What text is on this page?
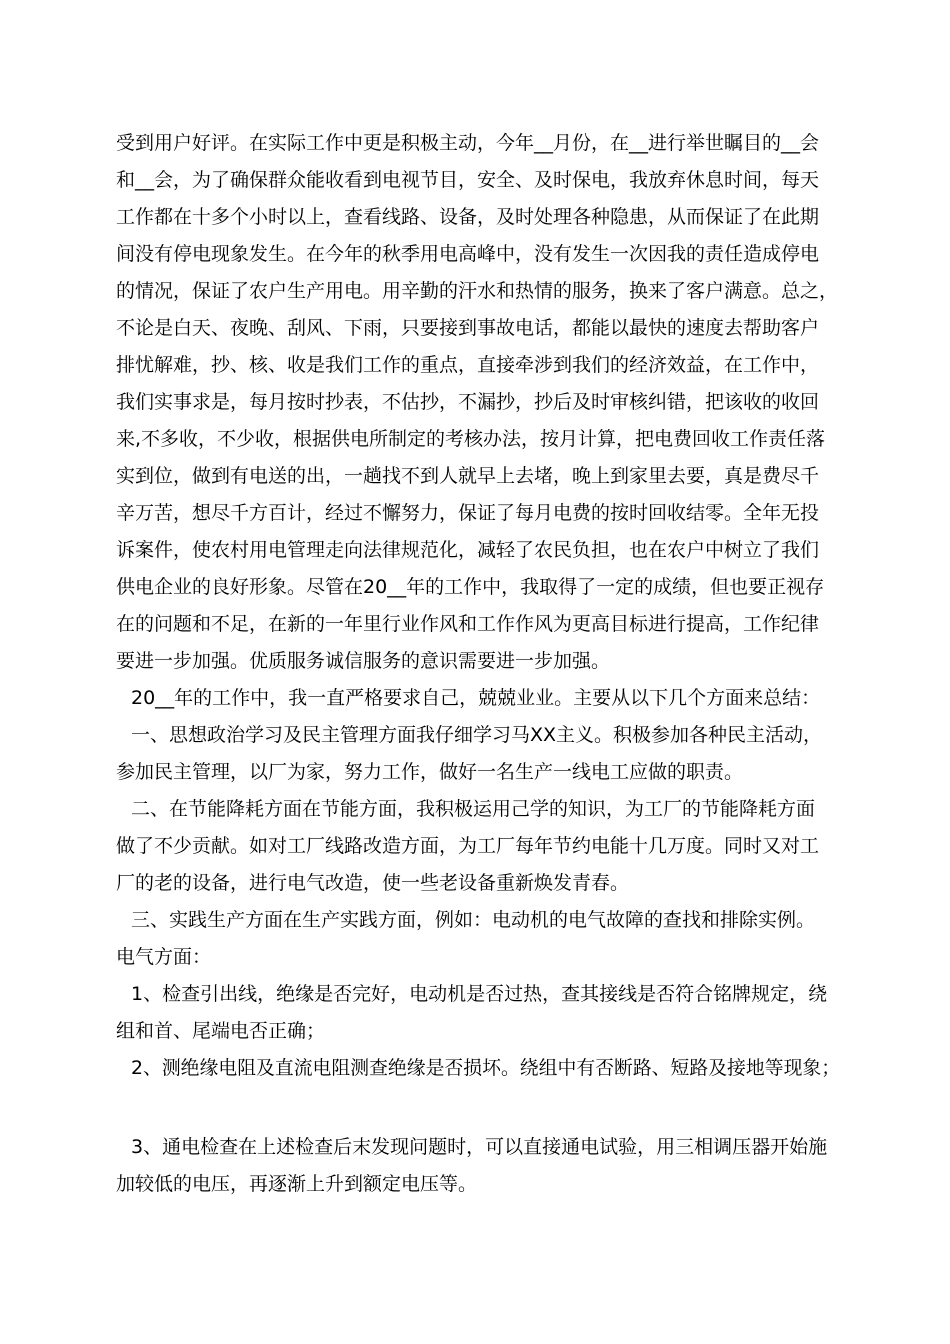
受到用户好评。在实际工作中更是积极主动，今年__月份，在__进行举世瞩目的__会

和__会，为了确保群众能收看到电视节目，安全、及时保电，我放弃休息时间，每天

工作都在十多个小时以上，查看线路、设备，及时处理各种隐患，从而保证了在此期

间没有停电现象发生。在今年的秋季用电高峰中，没有发生一次因我的责任造成停电

的情况，保证了农户生产用电。用辛勤的汗水和热情的服务，换来了客户满意。总之，

不论是白天、夜晚、刮风、下雨，只要接到事故电话，都能以最快的速度去帮助客户

排忧解难，抄、核、收是我们工作的重点，直接牵涉到我们的经济效益，在工作中，

我们实事求是，每月按时抄表，不估抄，不漏抄，抄后及时审核纠错，把该收的收回

来,不多收，不少收，根据供电所制定的考核办法，按月计算，把电费回收工作责任落

实到位，做到有电送的出，一趟找不到人就早上去堵，晚上到家里去要，真是费尽千

辛万苦，想尽千方百计，经过不懈努力，保证了每月电费的按时回收结零。全年无投

诉案件，使农村用电管理走向法律规范化，减轻了农民负担，也在农户中树立了我们

供电企业的良好形象。尽管在20__年的工作中，我取得了一定的成绩，但也要正视存

在的问题和不足，在新的一年里行业作风和工作作风为更高目标进行提高，工作纪律

要进一步加强。优质服务诚信服务的意识需要进一步加强。

20__年的工作中，我一直严格要求自己，兢兢业业。主要从以下几个方面来总结：

一、思想政治学习及民主管理方面我仔细学习马XX主义。积极参加各种民主活动，

参加民主管理，以厂为家，努力工作，做好一名生产一线电工应做的职责。

二、在节能降耗方面在节能方面，我积极运用己学的知识，为工厂的节能降耗方面

做了不少贡献。如对工厂线路改造方面，为工厂每年节约电能十几万度。同时又对工

厂的老的设备，进行电气改造，使一些老设备重新焕发青春。

三、实践生产方面在生产实践方面，例如：电动机的电气故障的查找和排除实例。

电气方面：

1、检查引出线，绝缘是否完好，电动机是否过热，查其接线是否符合铭牌规定，绕

组和首、尾端电否正确；

2、测绝缘电阻及直流电阻测查绝缘是否损坏。绕组中有否断路、短路及接地等现象；

3、通电检查在上述检查后末发现问题时，可以直接通电试验，用三相调压器开始施

加较低的电压，再逐渐上升到额定电压等。
